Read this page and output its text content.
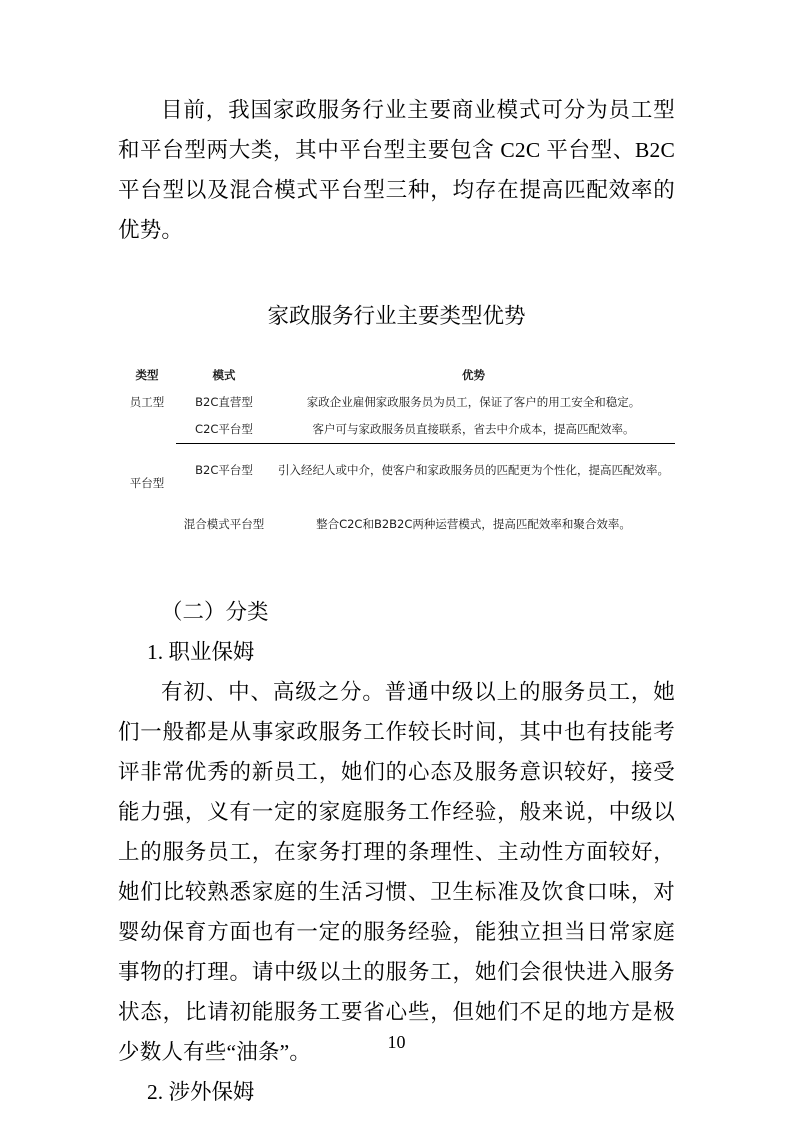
目前，我国家政服务行业主要商业模式可分为员工型和平台型两大类，其中平台型主要包含 C2C 平台型、B2C 平台型以及混合模式平台型三种，均存在提高匹配效率的优势。

家政服务行业主要类型优势

类型	模式	优势
员工型	B2C直营型	家政企业雇佣家政服务员为员工，保证了客户的用工安全和稳定。
平台型	C2C平台型	客户可与家政服务员直接联系，省去中介成本，提高匹配效率。
	B2C平台型	引入经纪人或中介，使客户和家政服务员的匹配更为个性化，提高匹配效率。
	混合模式平台型	整合C2C和B2B2C两种运营模式，提高匹配效率和聚合效率。

（二）分类

1. 职业保姆

有初、中、高级之分。普通中级以上的服务员工，她们一般都是从事家政服务工作较长时间，其中也有技能考评非常优秀的新员工，她们的心态及服务意识较好，接受能力强，义有一定的家庭服务工作经验，般来说，中级以上的服务员工，在家务打理的条理性、主动性方面较好，她们比较熟悉家庭的生活习惯、卫生标准及饮食口味，对婴幼保育方面也有一定的服务经验，能独立担当日常家庭事物的打理。请中级以土的服务工，她们会很快进入服务状态，比请初能服务工要省心些，但她们不足的地方是极少数人有些“油条”。

2. 涉外保姆

10
